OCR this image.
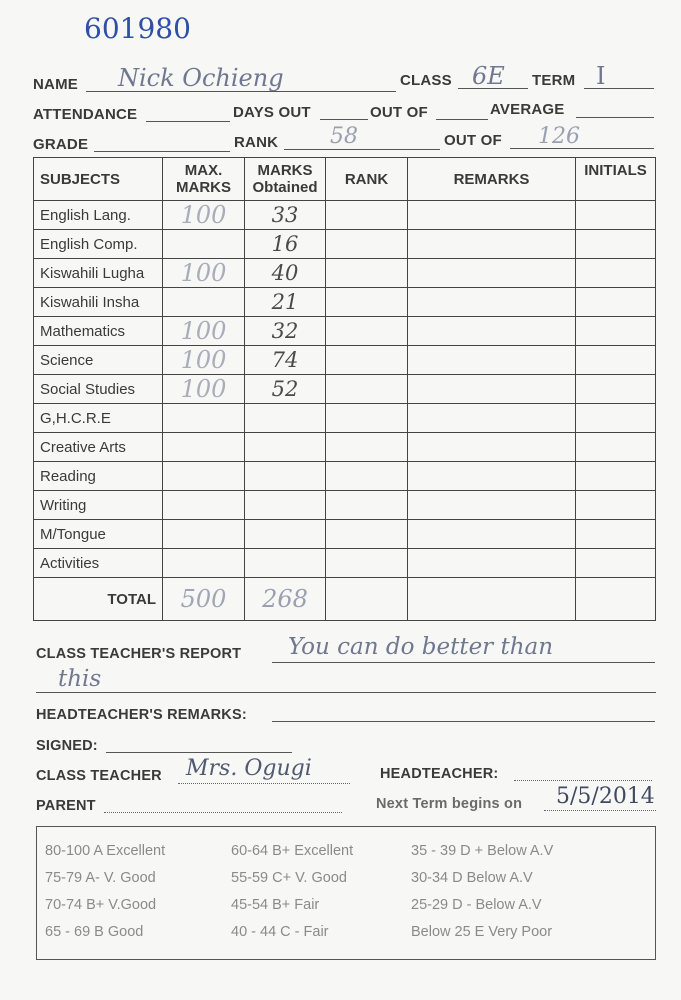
601980
NAME Nick Ochieng	CLASS 6E TERM I
ATTENDANCE	DAYS OUT	OUT OF	AVERAGE
GRADE	RANK 58	OUT OF 126
SUBJECTS	MAX. MARKS	MARKS Obtained	RANK	REMARKS	INITIALS
English Lang.	100	33			
English Comp.		16			
Kiswahili Lugha	100	40			
Kiswahili Insha		21			
Mathematics	100	32			
Science	100	74			
Social Studies	100	52			
G,H.C.R.E					
Creative Arts					
Reading					
Writing					
M/Tongue					
Activities					
TOTAL	500	268			
CLASS TEACHER'S REPORT You can do better than
this
HEADTEACHER'S REMARKS:
SIGNED:
CLASS TEACHER Mrs. Ogugi	HEADTEACHER:
PARENT	Next Term begins on 5/5/2014
80-100 A Excellent	60-64 B+ Excellent	35 - 39 D + Below A.V
75-79 A- V. Good	55-59 C+ V. Good	30-34 D Below A.V
70-74 B+ V.Good	45-54 B+ Fair	25-29 D - Below A.V
65 - 69 B Good	40 - 44 C - Fair	Below 25 E Very Poor
